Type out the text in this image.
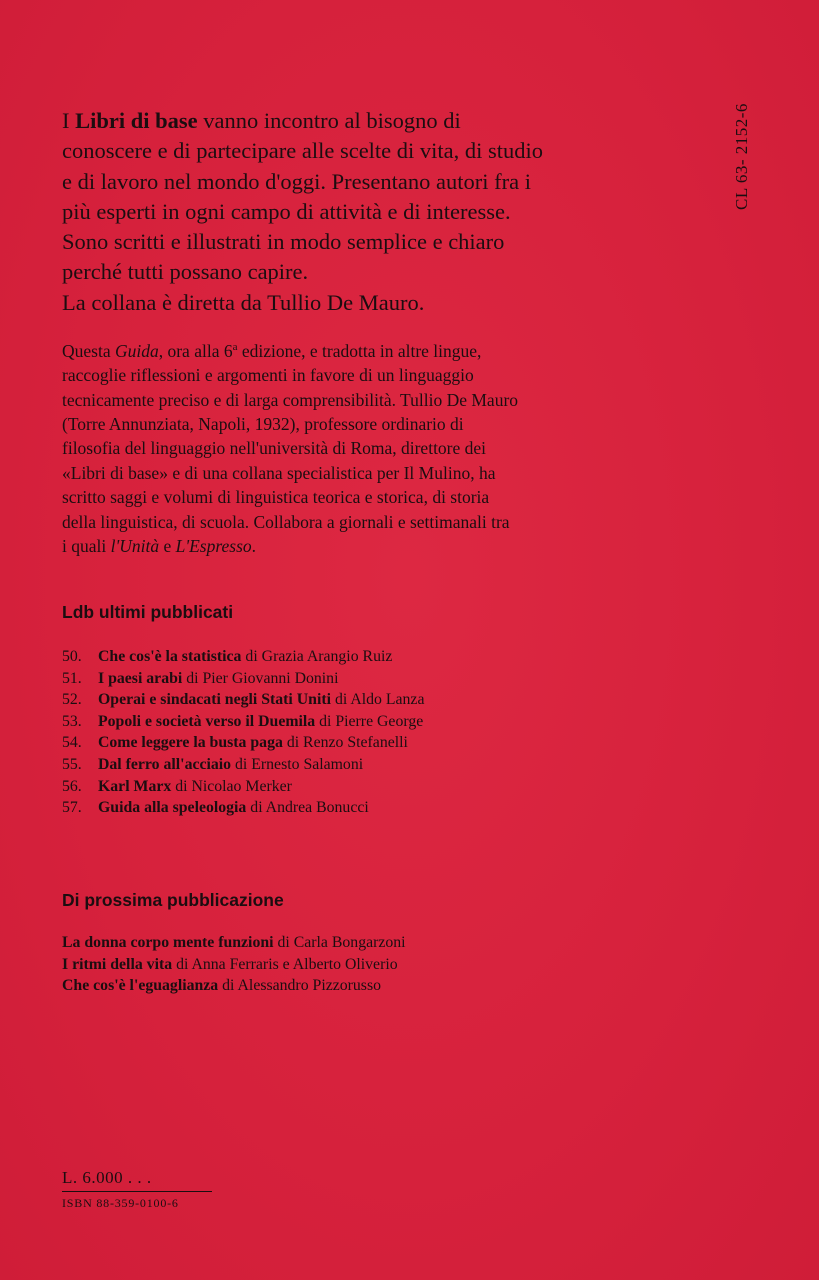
CL 63- 2152-6

I Libri di base vanno incontro al bisogno di

conoscere e di partecipare alle scelte di vita, di studio

e di lavoro nel mondo d'oggi. Presentano autori fra i

più esperti in ogni campo di attività e di interesse.

Sono scritti e illustrati in modo semplice e chiaro

perché tutti possano capire.

La collana è diretta da Tullio De Mauro.

Questa Guida, ora alla 6$^a$ edizione, e tradotta in altre lingue,

raccoglie riflessioni e argomenti in favore di un linguaggio

tecnicamente preciso e di larga comprensibilità. Tullio De Mauro

(Torre Annunziata, Napoli, 1932), professore ordinario di

filosofia del linguaggio nell'università di Roma, direttore dei

«Libri di base» e di una collana specialistica per Il Mulino, ha

scritto saggi e volumi di linguistica teorica e storica, di storia

della linguistica, di scuola. Collabora a giornali e settimanali tra

i quali l'Unità e L'Espresso.

Ldb ultimi pubblicati
50. Che cos'è la statistica di Grazia Arangio Ruiz
51. I paesi arabi di Pier Giovanni Donini
52. Operai e sindacati negli Stati Uniti di Aldo Lanza
53. Popoli e società verso il Duemila di Pierre George
54. Come leggere la busta paga di Renzo Stefanelli
55. Dal ferro all'acciaio di Ernesto Salamoni
56. Karl Marx di Nicolao Merker
57. Guida alla speleologia di Andrea Bonucci
Di prossima pubblicazione
La donna corpo mente funzioni di Carla Bongarzoni
I ritmi della vita di Anna Ferraris e Alberto Oliverio
Che cos'è l'eguaglianza di Alessandro Pizzorusso
L. 6.000 . . .
ISBN 88-359-0100-6
